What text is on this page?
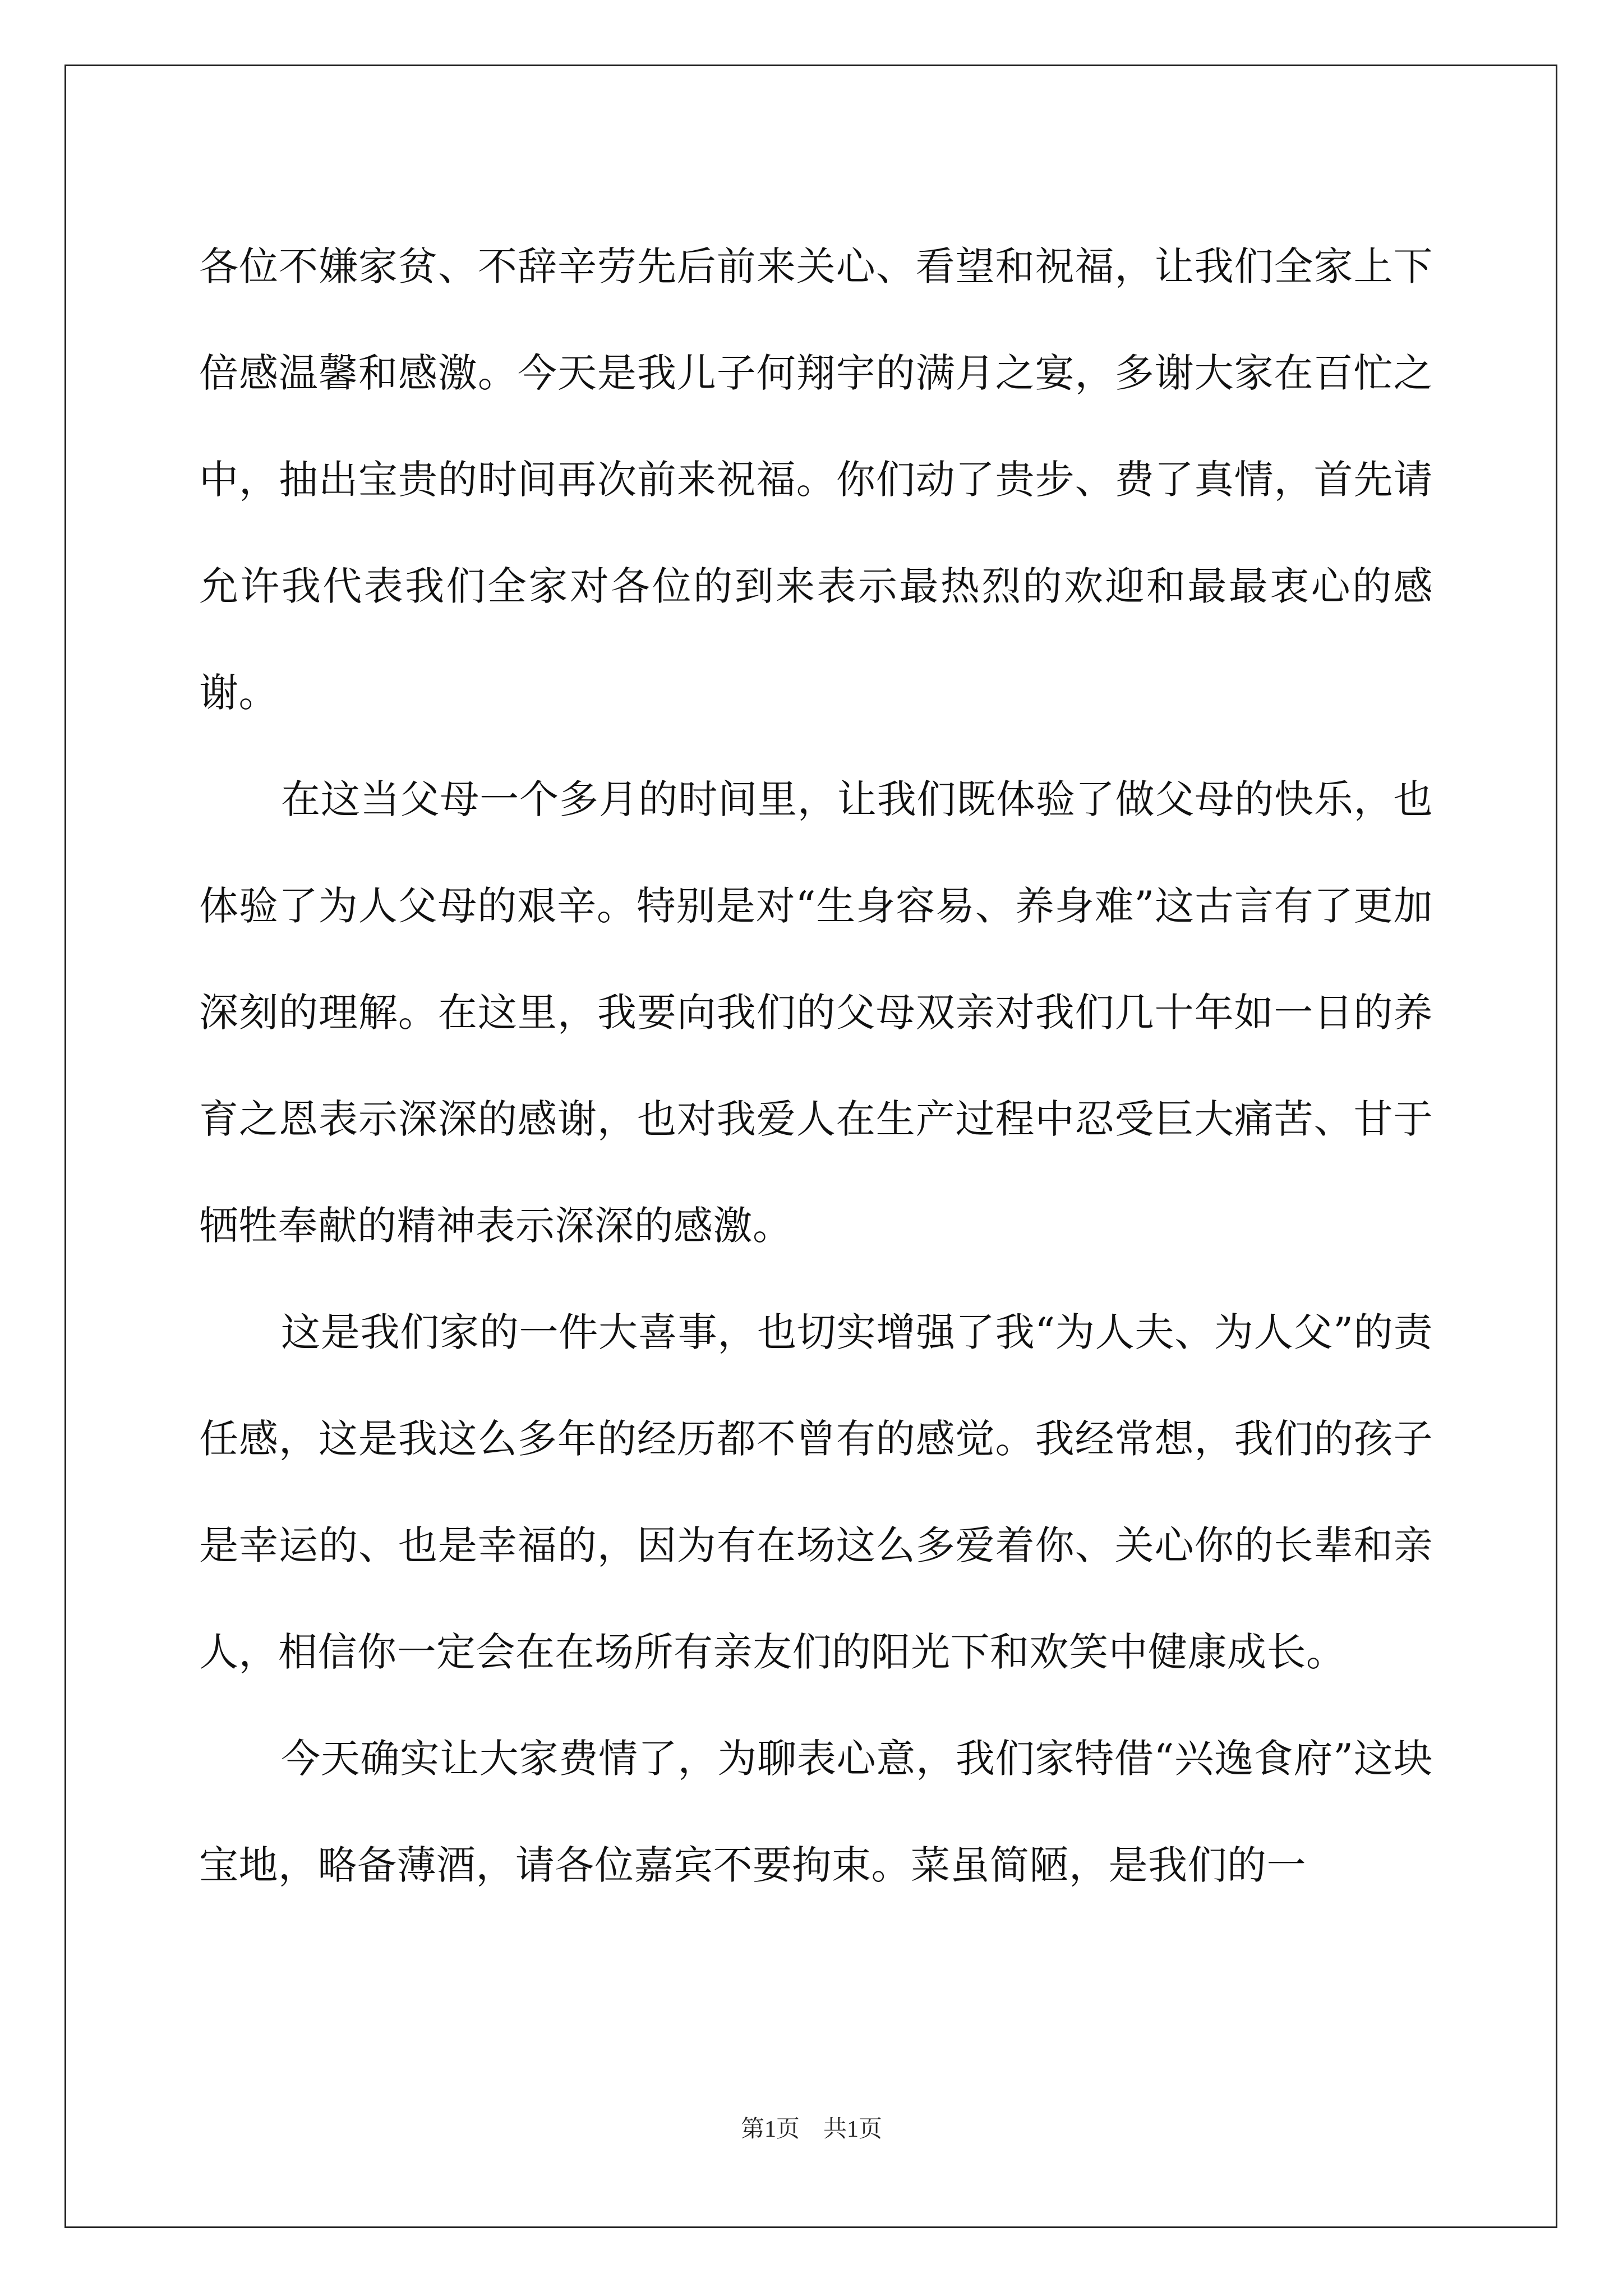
各位不嫌家贫、不辞辛劳先后前来关心、看望和祝福，让我们全家上下倍感温馨和感激。今天是我儿子何翔宇的满月之宴，多谢大家在百忙之中，抽出宝贵的时间再次前来祝福。你们动了贵步、费了真情，首先请允许我代表我们全家对各位的到来表示最热烈的欢迎和最最衷心的感谢。

在这当父母一个多月的时间里，让我们既体验了做父母的快乐，也体验了为人父母的艰辛。特别是对“生身容易、养身难”这古言有了更加深刻的理解。在这里，我要向我们的父母双亲对我们几十年如一日的养育之恩表示深深的感谢，也对我爱人在生产过程中忍受巨大痛苦、甘于牺牲奉献的精神表示深深的感激。

这是我们家的一件大喜事，也切实增强了我“为人夫、为人父”的责任感，这是我这么多年的经历都不曾有的感觉。我经常想，我们的孩子是幸运的、也是幸福的，因为有在场这么多爱着你、关心你的长辈和亲人，相信你一定会在在场所有亲友们的阳光下和欢笑中健康成长。

今天确实让大家费情了，为聊表心意，我们家特借“兴逸食府”这块宝地，略备薄酒，请各位嘉宾不要拘束。菜虽简陋，是我们的一

第1页　共1页
